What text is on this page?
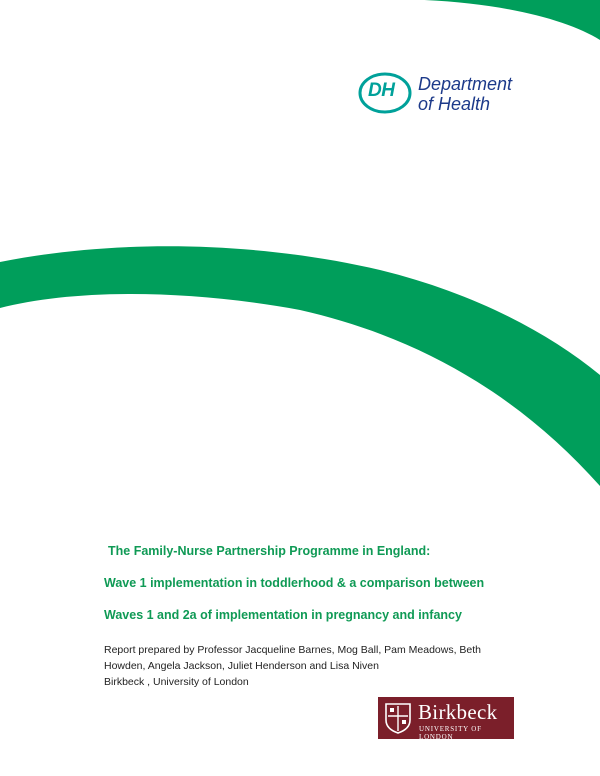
DH Department
of Health

The Family-Nurse Partnership Programme in England:

Wave 1 implementation in toddlerhood & a comparison between

Waves 1 and 2a of implementation in pregnancy and infancy

Report prepared by Professor Jacqueline Barnes, Mog Ball, Pam Meadows, Beth
Howden, Angela Jackson, Juliet Henderson and Lisa Niven
Birkbeck , University of London
Birkbeck
UNIVERSITY OF LONDON
